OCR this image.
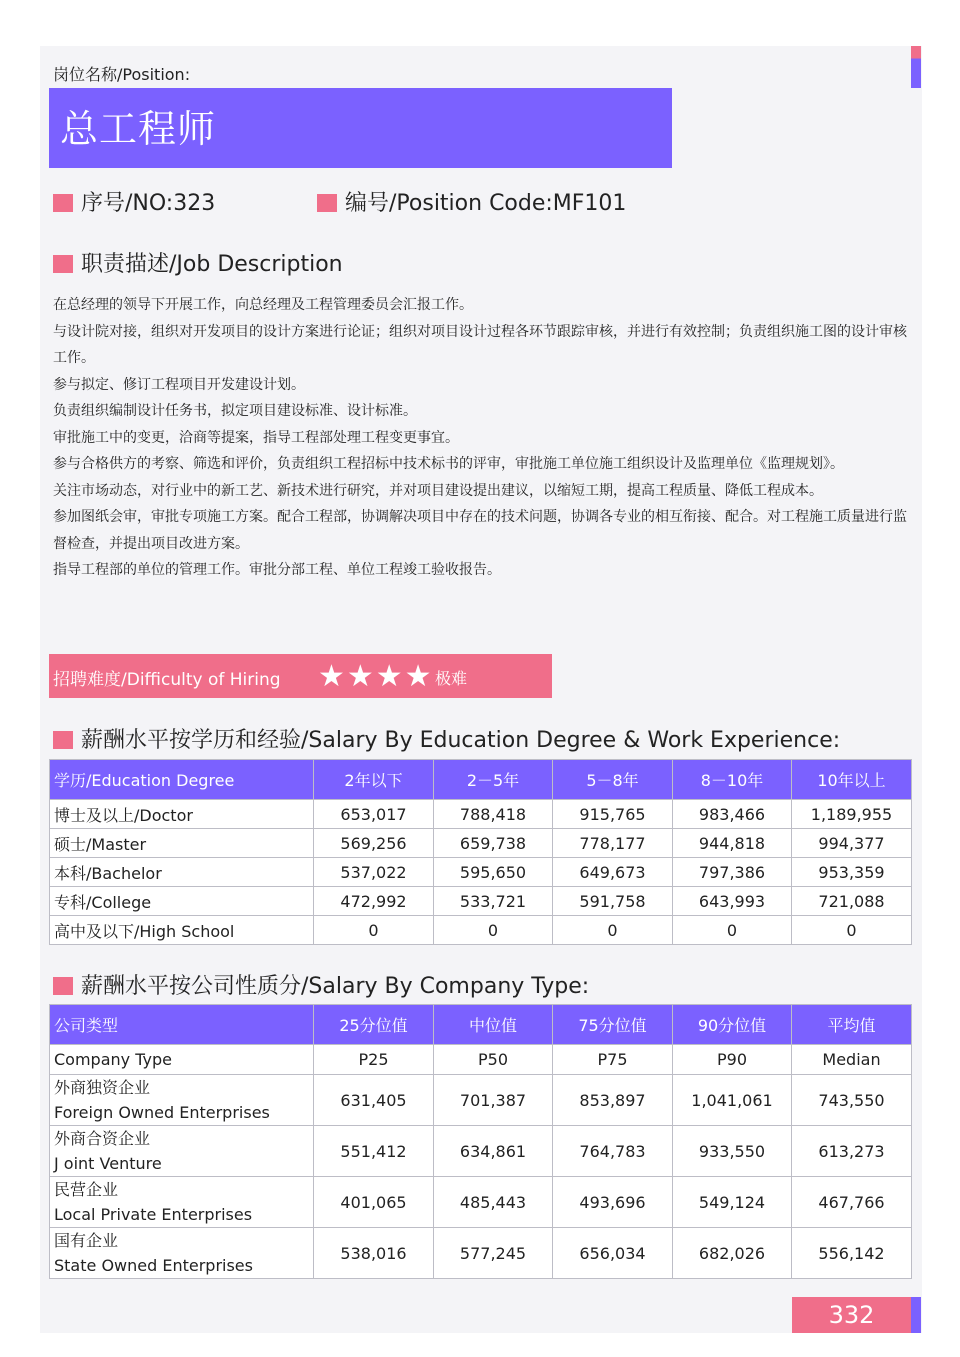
岗位名称/Position:
总工程师
序号/NO:323	编号/Position Code:MF101
职责描述/Job Description

在总经理的领导下开展工作，向总经理及工程管理委员会汇报工作。

与设计院对接，组织对开发项目的设计方案进行论证；组织对项目设计过程各环节跟踪审核，并进行有效控制；负责组织施工图的设计审核工作。

参与拟定、修订工程项目开发建设计划。

负责组织编制设计任务书，拟定项目建设标准、设计标准。

审批施工中的变更，洽商等提案，指导工程部处理工程变更事宜。

参与合格供方的考察、筛选和评价，负责组织工程招标中技术标书的评审，审批施工单位施工组织设计及监理单位《监理规划》。

关注市场动态，对行业中的新工艺、新技术进行研究，并对项目建设提出建议，以缩短工期，提高工程质量、降低工程成本。

参加图纸会审，审批专项施工方案。配合工程部，协调解决项目中存在的技术问题，协调各专业的相互衔接、配合。对工程施工质量进行监督检查，并提出项目改进方案。

指导工程部的单位的管理工作。审批分部工程、单位工程竣工验收报告。

招聘难度/Difficulty of Hiring ★★★★ 极难
薪酬水平按学历和经验/Salary By Education Degree & Work Experience:
学历/Education Degree	2年以下	2－5年	5－8年	8－10年	10年以上
博士及以上/Doctor	653,017	788,418	915,765	983,466	1,189,955
硕士/Master	569,256	659,738	778,177	944,818	994,377
本科/Bachelor	537,022	595,650	649,673	797,386	953,359
专科/College	472,992	533,721	591,758	643,993	721,088
高中及以下/High School	0	0	0	0	0
薪酬水平按公司性质分/Salary By Company Type:
公司类型	25分位值	中位值	75分位值	90分位值	平均值
Company Type	P25	P50	P75	P90	Median

外商独资企业
Foreign Owned Enterprises	631,405	701,387	853,897	1,041,061	743,550

外商合资企业
J oint Venture	551,412	634,861	764,783	933,550	613,273

民营企业
Local Private Enterprises	401,065	485,443	493,696	549,124	467,766

国有企业
State Owned Enterprises	538,016	577,245	656,034	682,026	556,142
332
